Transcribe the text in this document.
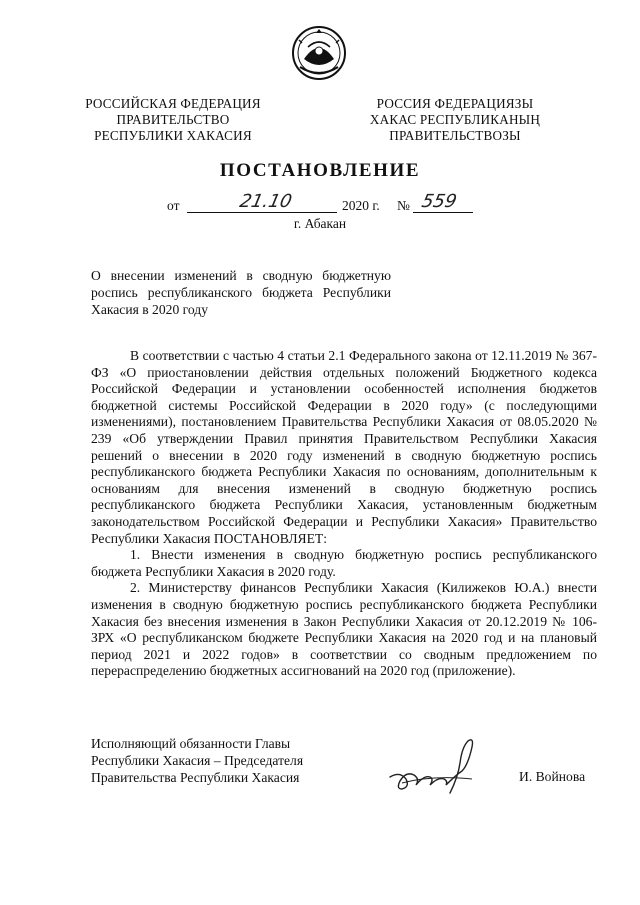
РОССИЙСКАЯ ФЕДЕРАЦИЯ
ПРАВИТЕЛЬСТВО
РЕСПУБЛИКИ ХАКАСИЯ
РОССИЯ ФЕДЕРАЦИЯЗЫ
ХАКАС РЕСПУБЛИКАНЫҢ
ПРАВИТЕЛЬСТВОЗЫ
ПОСТАНОВЛЕНИЕ
от	21.10	2020 г. № 559
г. Абакан
О внесении изменений в сводную бюджетную роспись республиканского бюджета Республики Хакасия в 2020 году

В соответствии с частью 4 статьи 2.1 Федерального закона от 12.11.2019 № 367-ФЗ «О приостановлении действия отдельных положений Бюджетного кодекса Российской Федерации и установлении особенностей исполнения бюджетов бюджетной системы Российской Федерации в 2020 году» (с последующими изменениями), постановлением Правительства Республики Хакасия от 08.05.2020 № 239 «Об утверждении Правил принятия Правительством Республики Хакасия решений о внесении в 2020 году изменений в сводную бюджетную роспись республиканского бюджета Республики Хакасия по основаниям, дополнительным к основаниям для внесения изменений в сводную бюджетную роспись республиканского бюджета Республики Хакасия, установленным бюджетным законодательством Российской Федерации и Республики Хакасия» Правительство Республики Хакасия ПОСТАНОВЛЯЕТ:

1. Внести изменения в сводную бюджетную роспись республиканского бюджета Республики Хакасия в 2020 году.

2. Министерству финансов Республики Хакасия (Килижеков Ю.А.) внести изменения в сводную бюджетную роспись республиканского бюджета Республики Хакасия без внесения изменения в Закон Республики Хакасия от 20.12.2019 № 106-ЗРХ «О республиканском бюджете Республики Хакасия на 2020 год и на плановый период 2021 и 2022 годов» в соответствии со сводным предложением по перераспределению бюджетных ассигнований на 2020 год (приложение).

Исполняющий обязанности Главы
Республики Хакасия – Председателя
Правительства Республики Хакасия	И. Войнова
